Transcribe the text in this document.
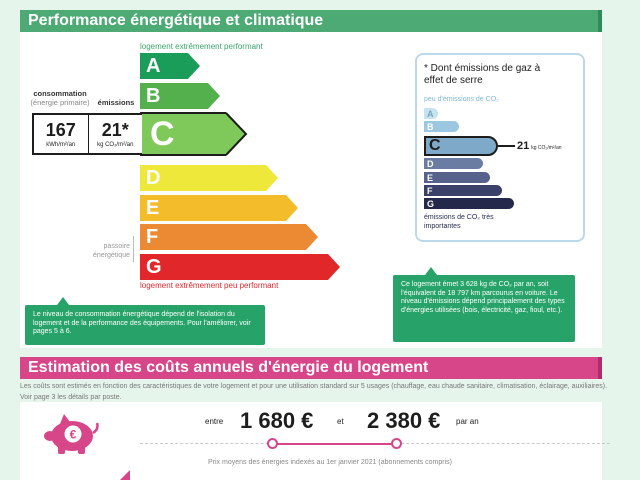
Performance énergétique et climatique
logement extrêmement performant
A
B
C
D
E
F
G
logement extrêmement peu performant
consommation
(énergie primaire) émissions
167
kWh/m²/an
21*
kg CO₂/m²/an
passoire énergétique
* Dont émissions de gaz à effet de serre
peu d'émissions de CO₂
A
B
C
D
E
F
G
21 kg CO₂/m²/an
émissions de CO₂ très importantes
Le niveau de consommation énergétique dépend de l'isolation du logement et de la performance des équipements. Pour l'améliorer, voir pages 5 à 6.
Ce logement émet 3 628 kg de CO₂ par an, soit l'équivalent de 18 797 km parcourus en voiture. Le niveau d'émissions dépend principalement des types d'énergies utilisées (bois, électricité, gaz, fioul, etc.).
Estimation des coûts annuels d'énergie du logement
Les coûts sont estimés en fonction des caractéristiques de votre logement et pour une utilisation standard sur 5 usages (chauffage, eau chaude sanitaire, climatisation, éclairage, auxiliaires). Voir page 3 les détails par poste.
€
entre 1 680 €	et 2 380 € par an
Prix moyens des énergies indexés au 1er janvier 2021 (abonnements compris)
